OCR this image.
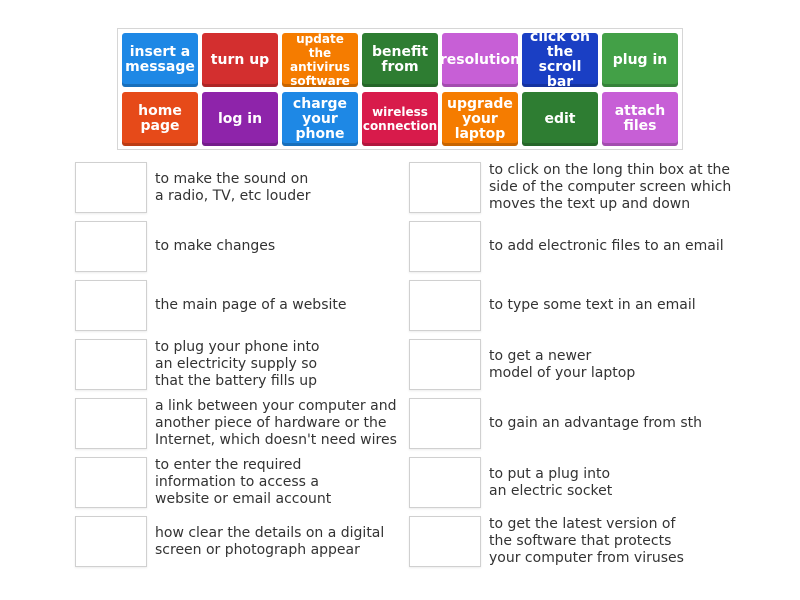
insert a
message	turn up
update the
antivirus
software
benefit
from	resolution
click on
the scroll
bar
plug in
home
page	log in
charge
your
phone
wireless
connection
upgrade
your
laptop
edit	attach
files
to make the sound on
a radio, TV, etc louder
to make changes
the main page of a website
to plug your phone into
an electricity supply so
that the battery fills up
a link between your computer and
another piece of hardware or the
Internet, which doesn't need wires
to enter the required
information to access a
website or email account
how clear the details on a digital
screen or photograph appear
to click on the long thin box at the
side of the computer screen which
moves the text up and down
to add electronic files to an email
to type some text in an email
to get a newer
model of your laptop
to gain an advantage from sth
to put a plug into
an electric socket
to get the latest version of
the software that protects
your computer from viruses
